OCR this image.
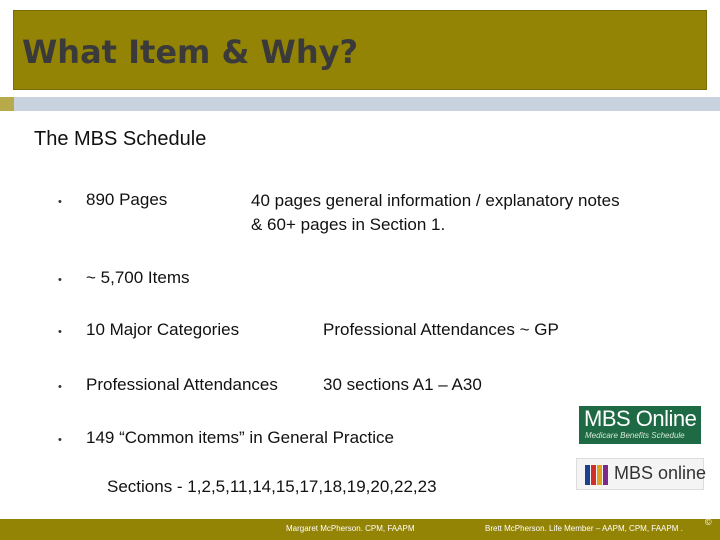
What Item & Why?
The MBS Schedule
• 890 Pages	40 pages general information / explanatory notes & 60+ pages in Section 1.
• ~ 5,700 Items
• 10 Major Categories	Professional Attendances ~ GP
• Professional Attendances	30 sections A1 – A30
• 149 “Common items” in General Practice
Sections - 1,2,5,11,14,15,17,18,19,20,22,23
MBS Online
Medicare Benefits Schedule
MBS online
Margaret McPherson. CPM, FAAPM	Brett McPherson. Life Member – AAPM, CPM, FAAPM .
©
